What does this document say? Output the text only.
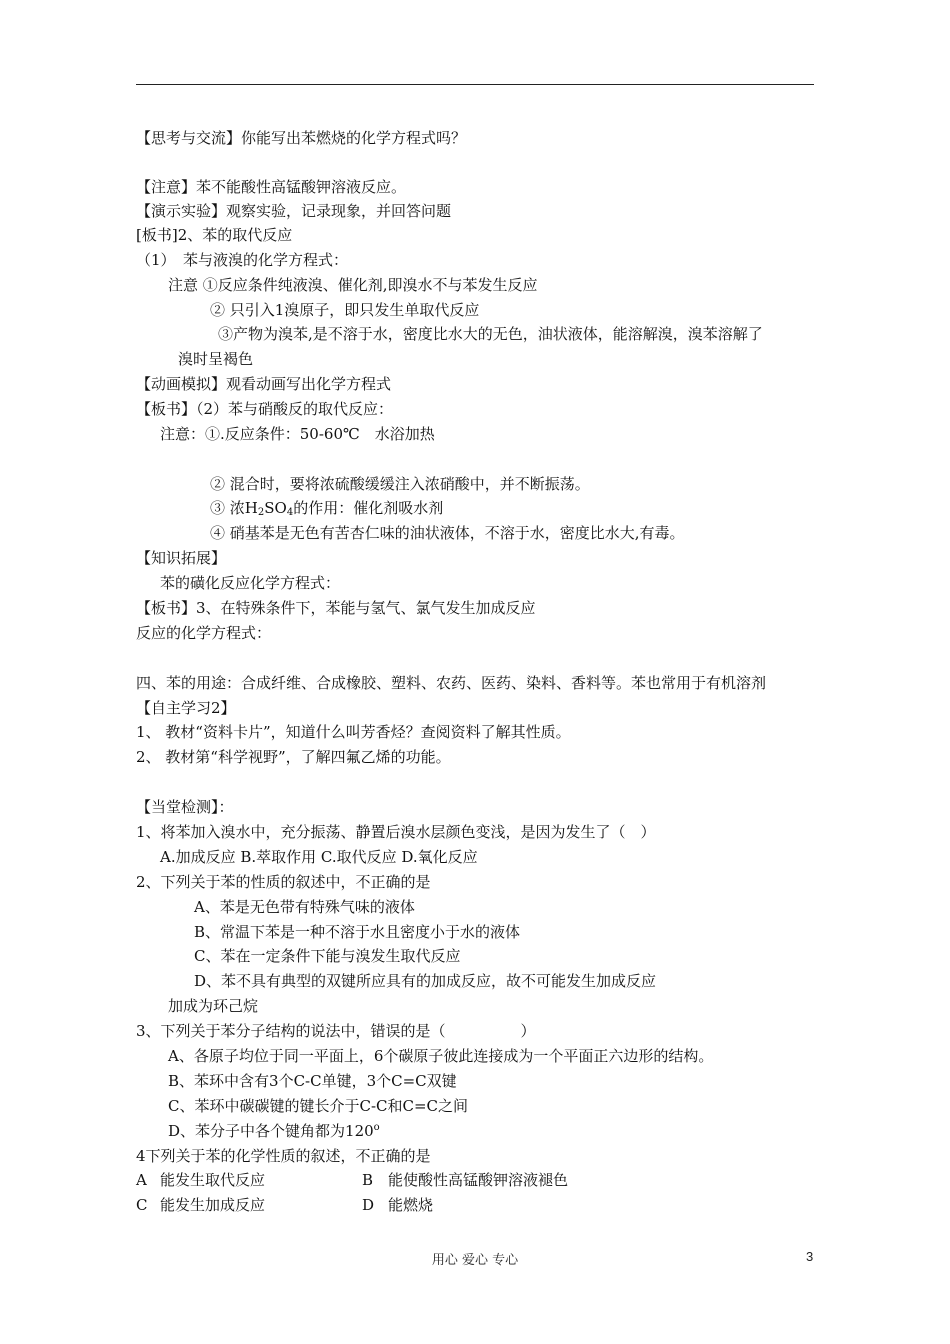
【思考与交流】你能写出苯燃烧的化学方程式吗？
【注意】苯不能酸性高锰酸钾溶液反应。
【演示实验】观察实验，记录现象，并回答问题
[板书]2、苯的取代反应
（1）　苯与液溴的化学方程式：
注意 ①反应条件纯液溴、催化剂,即溴水不与苯发生反应
② 只引入1溴原子，即只发生单取代反应
③产物为溴苯,是不溶于水，密度比水大的无色，油状液体，能溶解溴，溴苯溶解了
溴时呈褐色
【动画模拟】观看动画写出化学方程式
【板书】（2）苯与硝酸反的取代反应：
注意：①.反应条件：50-60℃　水浴加热
② 混合时，要将浓硫酸缓缓注入浓硝酸中，并不断振荡。
③ 浓$H_2SO_4$的作用：催化剂吸水剂
④ 硝基苯是无色有苦杏仁味的油状液体，不溶于水，密度比水大,有毒。
【知识拓展】
苯的磺化反应化学方程式：
【板书】3、在特殊条件下，苯能与氢气、氯气发生加成反应
反应的化学方程式：
四、苯的用途：合成纤维、合成橡胶、塑料、农药、医药、染料、香料等。苯也常用于有机溶剂
【自主学习2】
1、 教材“资料卡片”，知道什么叫芳香烃？查阅资料了解其性质。
2、 教材第“科学视野”，了解四氟乙烯的功能。
【当堂检测】：
1、将苯加入溴水中，充分振荡、静置后溴水层颜色变浅，是因为发生了（　）
A.加成反应 B.萃取作用 C.取代反应 D.氧化反应
2、下列关于苯的性质的叙述中，不正确的是
A、苯是无色带有特殊气味的液体
B、常温下苯是一种不溶于水且密度小于水的液体
C、苯在一定条件下能与溴发生取代反应
D、苯不具有典型的双键所应具有的加成反应，故不可能发生加成反应
加成为环己烷
3、下列关于苯分子结构的说法中，错误的是（　　　　　）
A、各原子均位于同一平面上，6个碳原子彼此连接成为一个平面正六边形的结构。
B、苯环中含有3个C-C单键，3个C=C双键
C、苯环中碳碳键的键长介于C-C和C=C之间
D、苯分子中各个键角都为120$^o$
4下列关于苯的化学性质的叙述，不正确的是
A 能发生取代反应	B 能使酸性高锰酸钾溶液褪色
C 能发生加成反应	D 能燃烧
用心 爱心 专心	3
